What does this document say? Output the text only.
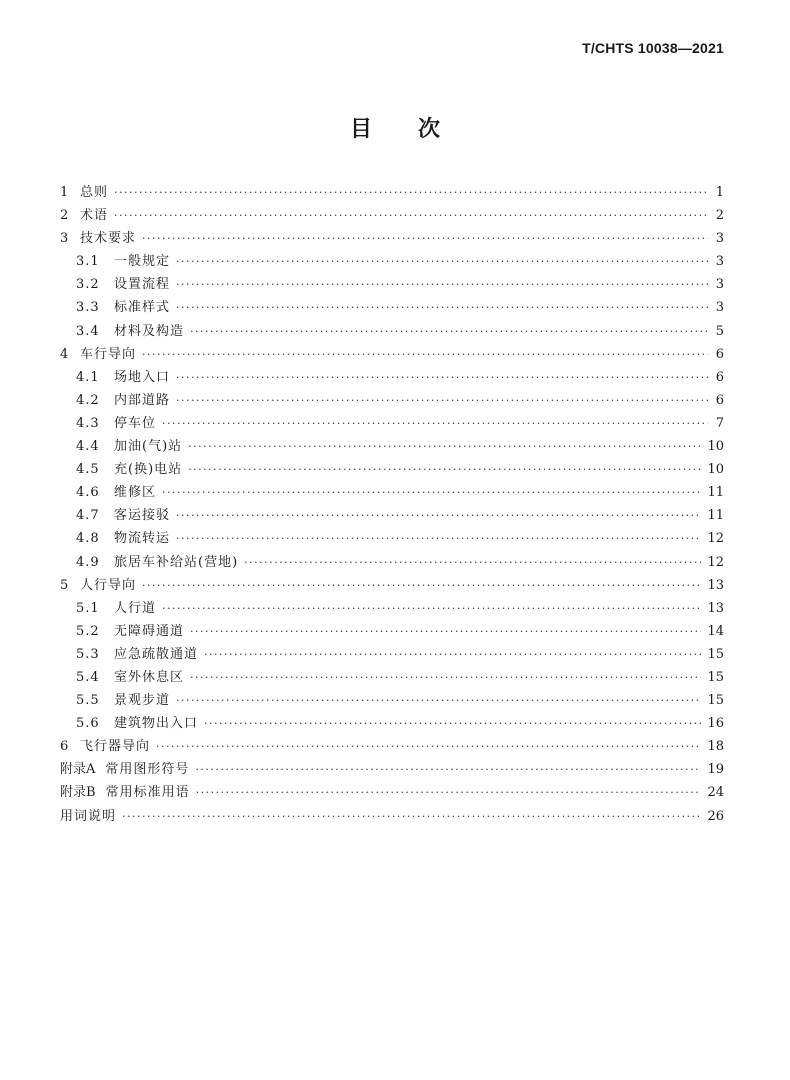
T/CHTS 10038—2021
目 次
1 总则 ·····	1
2 术语 ·····	2
3 技术要求 ·····	3
3.1	一般规定 ·····	3
3.2	设置流程 ·····	3
3.3	标准样式 ·····	3
3.4	材料及构造 ·····	5
4 车行导向 ·····	6
4.1	场地入口 ·····	6
4.2	内部道路 ·····	6
4.3	停车位 ·····	7
4.4	加油(气)站 ·····	10
4.5	充(换)电站 ·····	10
4.6	维修区 ·····	11
4.7	客运接驳 ·····	11
4.8	物流转运 ·····	12
4.9	旅居车补给站(营地) ·····	12
5 人行导向 ·····	13
5.1	人行道 ·····	13
5.2	无障碍通道 ·····	14
5.3	应急疏散通道 ·····	15
5.4	室外休息区 ·····	15
5.5	景观步道 ·····	15
5.6	建筑物出入口 ·····	16
6 飞行器导向 ·····	18
附录A 常用图形符号 ·····	19
附录B 常用标准用语 ·····	24
用词说明 ·····	26
